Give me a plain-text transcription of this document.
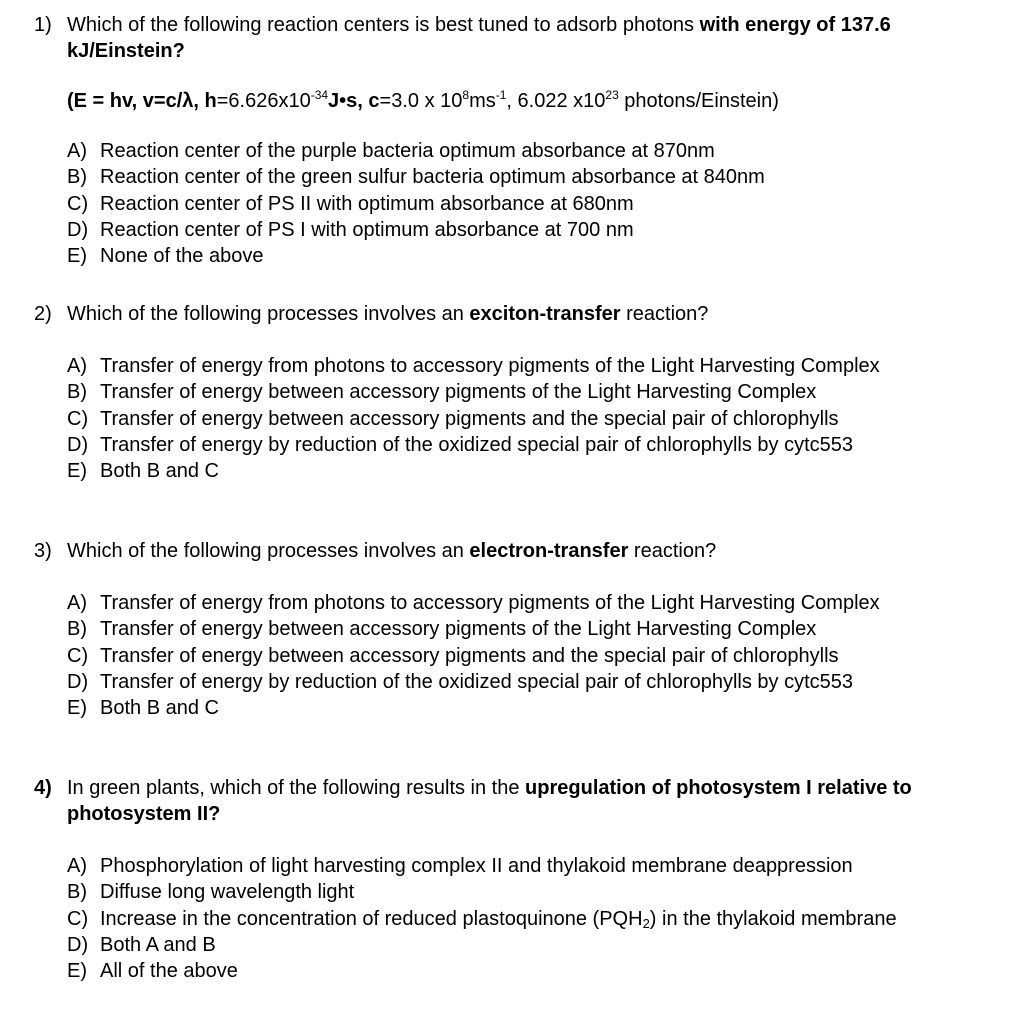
1) Which of the following reaction centers is best tuned to adsorb photons with energy of 137.6 kJ/Einstein?
(E = hv, v=c/λ, $h=6.626x10^{-34}J•s$, c=3.0 x $10^8ms^{-1}$, 6.022 $x10^{23}$ photons/Einstein)
A) Reaction center of the purple bacteria optimum absorbance at 870nm
B) Reaction center of the green sulfur bacteria optimum absorbance at 840nm
C) Reaction center of PS II with optimum absorbance at 680nm
D) Reaction center of PS I with optimum absorbance at 700 nm
E) None of the above
2) Which of the following processes involves an exciton-transfer reaction?
A) Transfer of energy from photons to accessory pigments of the Light Harvesting Complex
B) Transfer of energy between accessory pigments of the Light Harvesting Complex
C) Transfer of energy between accessory pigments and the special pair of chlorophylls
D) Transfer of energy by reduction of the oxidized special pair of chlorophylls by cytc553
E) Both B and C
3) Which of the following processes involves an electron-transfer reaction?
A) Transfer of energy from photons to accessory pigments of the Light Harvesting Complex
B) Transfer of energy between accessory pigments of the Light Harvesting Complex
C) Transfer of energy between accessory pigments and the special pair of chlorophylls
D) Transfer of energy by reduction of the oxidized special pair of chlorophylls by cytc553
E) Both B and C
4) In green plants, which of the following results in the upregulation of photosystem I relative to photosystem II?
A) Phosphorylation of light harvesting complex II and thylakoid membrane deappression
B) Diffuse long wavelength light
C) Increase in the concentration of reduced plastoquinone $(PQH_2)$ in the thylakoid membrane
D) Both A and B
E) All of the above
